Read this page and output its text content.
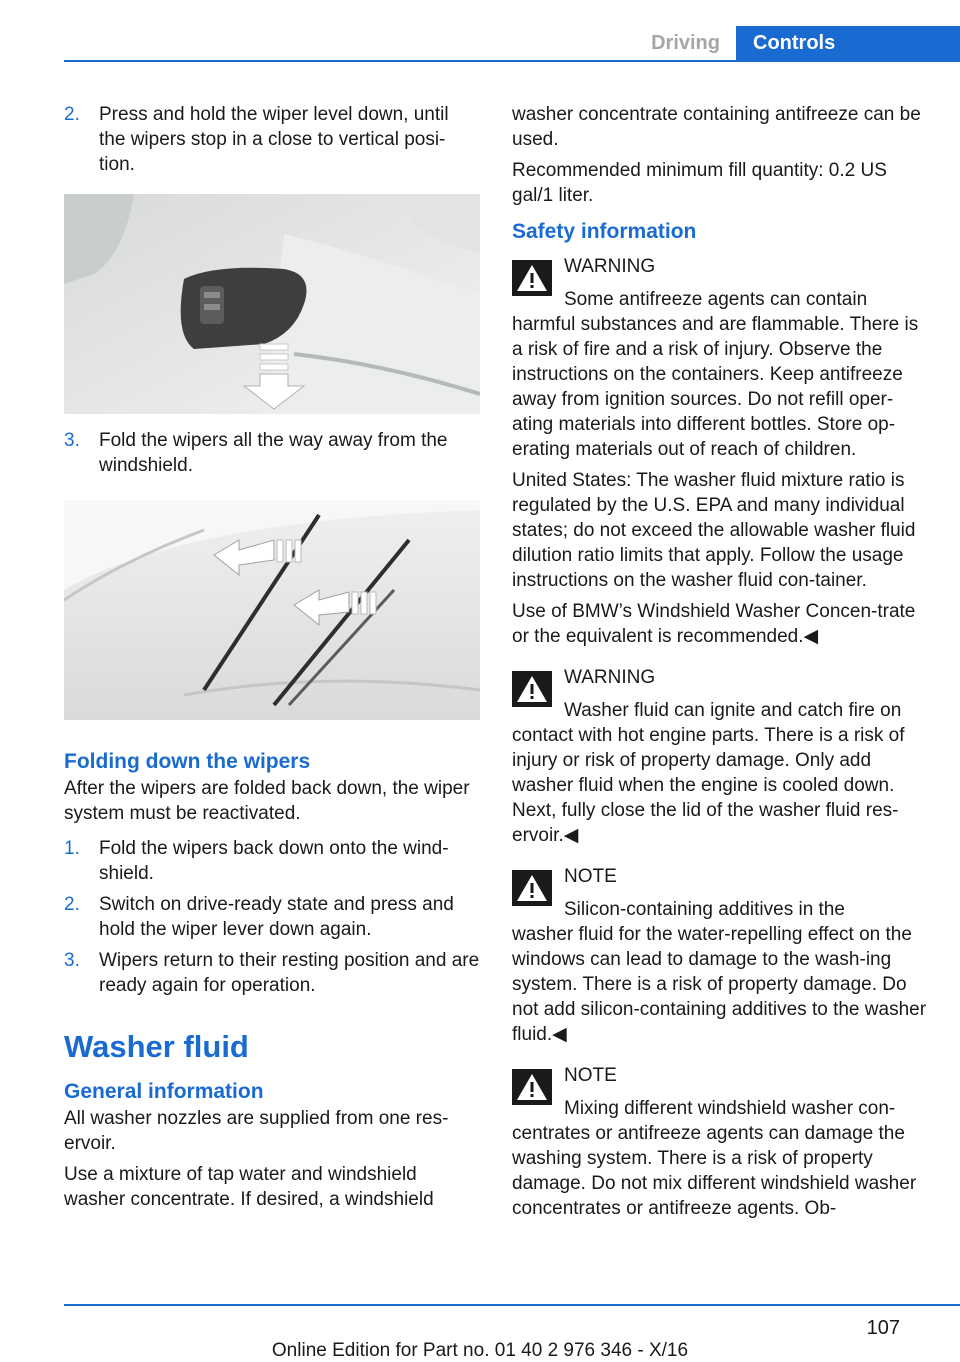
Driving	Controls

2. Press and hold the wiper level down, until the wipers stop in a close to vertical posi‐tion.

3. Fold the wipers all the way away from the windshield.

Folding down the wipers

After the wipers are folded back down, the wiper system must be reactivated.

1. Fold the wipers back down onto the wind‐shield.

2. Switch on drive-ready state and press and hold the wiper lever down again.

3. Wipers return to their resting position and are ready again for operation.

Washer fluid
General information

All washer nozzles are supplied from one res‐ervoir.

Use a mixture of tap water and windshield washer concentrate. If desired, a windshield

washer concentrate containing antifreeze can be used.

Recommended minimum fill quantity: 0.2 US gal/1 liter.

Safety information

WARNING

Some antifreeze agents can contain

harmful substances and are flammable. There is a risk of fire and a risk of injury. Observe the instructions on the containers. Keep antifreeze away from ignition sources. Do not refill oper‐ating materials into different bottles. Store op‐erating materials out of reach of children.

United States: The washer fluid mixture ratio is regulated by the U.S. EPA and many individual states; do not exceed the allowable washer fluid dilution ratio limits that apply. Follow the usage instructions on the washer fluid con‐tainer.

Use of BMW’s Windshield Washer Concen‐trate or the equivalent is recommended.◀

WARNING

Washer fluid can ignite and catch fire on

contact with hot engine parts. There is a risk of injury or risk of property damage. Only add washer fluid when the engine is cooled down. Next, fully close the lid of the washer fluid res‐ervoir.◀

NOTE

Silicon-containing additives in the

washer fluid for the water-repelling effect on the windows can lead to damage to the wash‐ing system. There is a risk of property damage. Do not add silicon-containing additives to the washer fluid.◀

NOTE

Mixing different windshield washer con‐

centrates or antifreeze agents can damage the washing system. There is a risk of property damage. Do not mix different windshield washer concentrates or antifreeze agents. Ob‐

107
Online Edition for Part no. 01 40 2 976 346 - X/16
